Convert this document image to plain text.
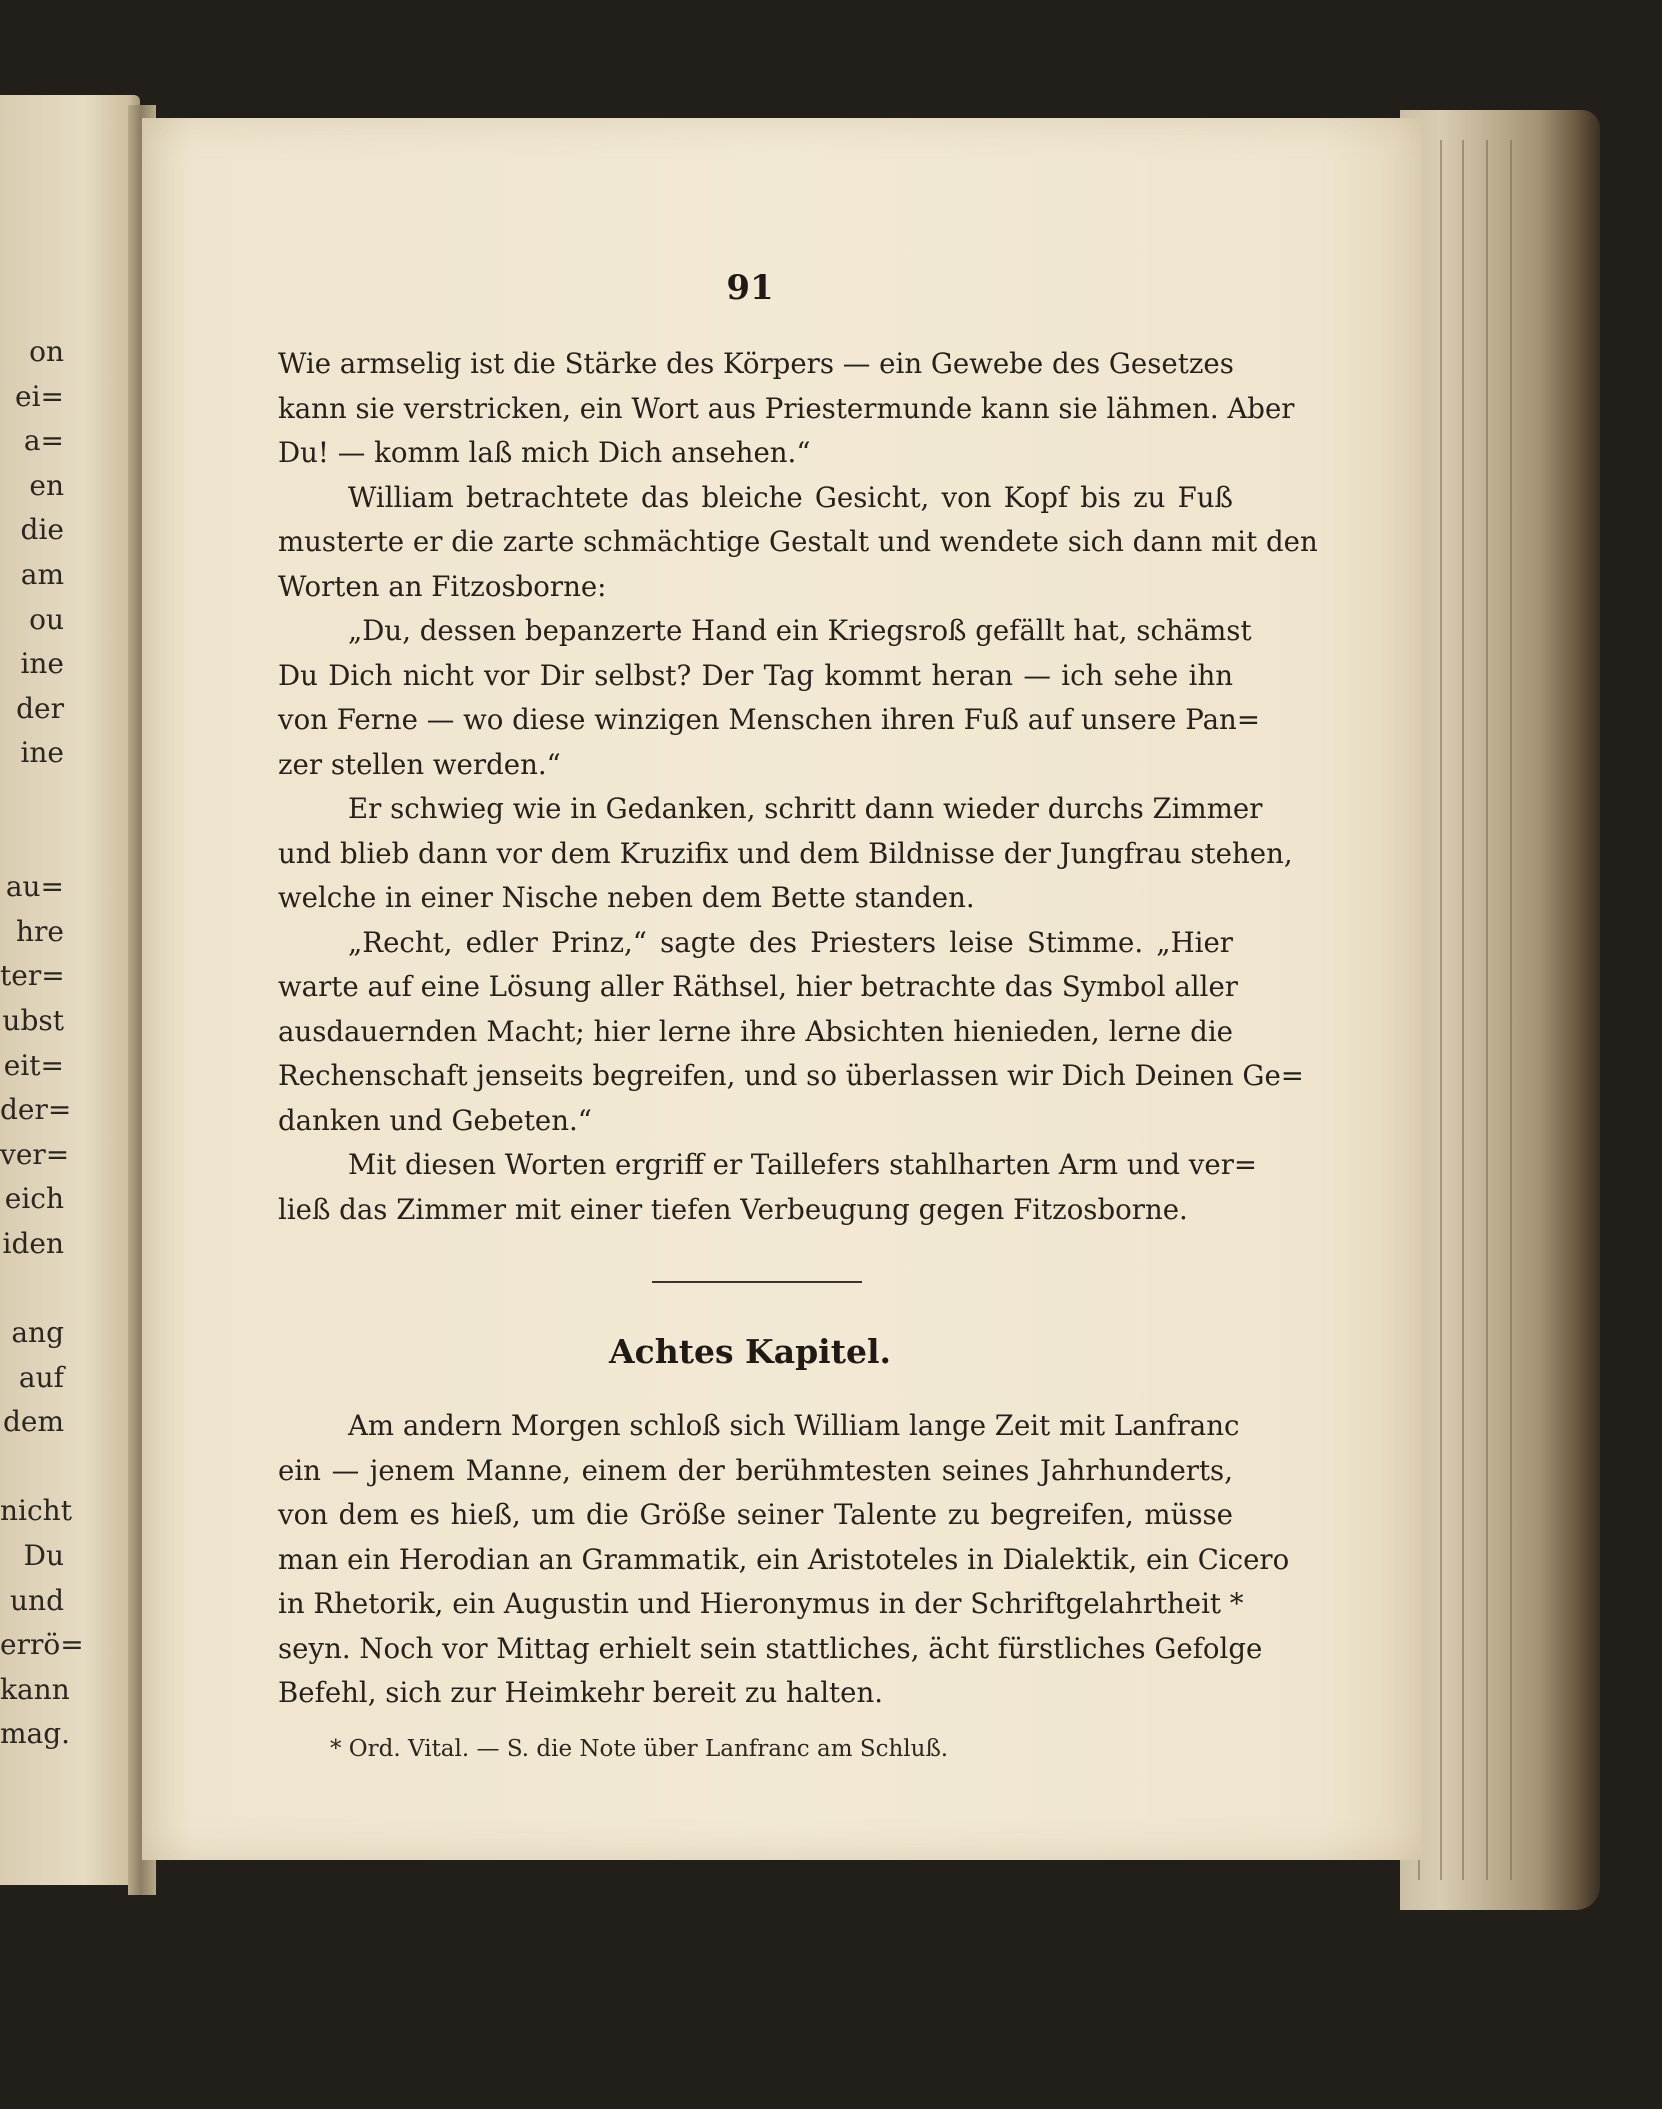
on
ei=
a=
en
die
am
ou
ine
der
ine
au=
hre
ter=
ubst
eit=
der=
ver=
eich
iden
ang
auf
dem
nicht
Du
und
errö=
kann
mag.
91
Wie armselig ist die Stärke des Körpers — ein Gewebe des Gesetzes
kann sie verstricken, ein Wort aus Priestermunde kann sie lähmen. Aber
Du! — komm laß mich Dich ansehen.“
William betrachtete das bleiche Gesicht, von Kopf bis zu Fuß
musterte er die zarte schmächtige Gestalt und wendete sich dann mit den
Worten an Fitzosborne:
„Du, dessen bepanzerte Hand ein Kriegsroß gefällt hat, schämst
Du Dich nicht vor Dir selbst? Der Tag kommt heran — ich sehe ihn
von Ferne — wo diese winzigen Menschen ihren Fuß auf unsere Pan=
zer stellen werden.“
Er schwieg wie in Gedanken, schritt dann wieder durchs Zimmer
und blieb dann vor dem Kruzifix und dem Bildnisse der Jungfrau stehen,
welche in einer Nische neben dem Bette standen.
„Recht, edler Prinz,“ sagte des Priesters leise Stimme. „Hier
warte auf eine Lösung aller Räthsel, hier betrachte das Symbol aller
ausdauernden Macht; hier lerne ihre Absichten hienieden, lerne die
Rechenschaft jenseits begreifen, und so überlassen wir Dich Deinen Ge=
danken und Gebeten.“
Mit diesen Worten ergriff er Taillefers stahlharten Arm und ver=
ließ das Zimmer mit einer tiefen Verbeugung gegen Fitzosborne.
Achtes Kapitel.
Am andern Morgen schloß sich William lange Zeit mit Lanfranc
ein — jenem Manne, einem der berühmtesten seines Jahrhunderts,
von dem es hieß, um die Größe seiner Talente zu begreifen, müsse
man ein Herodian an Grammatik, ein Aristoteles in Dialektik, ein Cicero
in Rhetorik, ein Augustin und Hieronymus in der Schriftgelahrtheit *
seyn. Noch vor Mittag erhielt sein stattliches, ächt fürstliches Gefolge
Befehl, sich zur Heimkehr bereit zu halten.
* Ord. Vital. — S. die Note über Lanfranc am Schluß.
